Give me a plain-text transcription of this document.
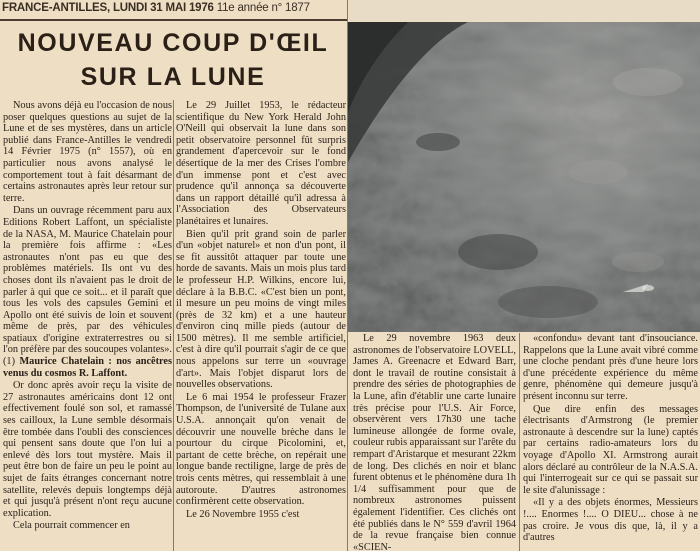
FRANCE-ANTILLES, LUNDI 31 MAI 1976 11e année n° 1877
NOUVEAU COUP D'ŒIL
SUR LA LUNE

Nous avons déjà eu l'occasion de nous poser quelques questions au sujet de la Lune et de ses mystères, dans un article publié dans France-Antilles le vendredi 14 Février 1975 (n° 1557), où en particulier nous avons analysé le comportement tout à fait désarmant de certains astronautes après leur retour sur terre.

Dans un ouvrage récemment paru aux Editions Robert Laffont, un spécialiste de la NASA, M. Maurice Chatelain pour la première fois affirme : «Les astronautes n'ont pas eu que des problèmes matériels. Ils ont vu des choses dont ils n'avaient pas le droit de parler à qui que ce soit... et il paraît que tous les vols des capsules Gemini et Apollo ont été suivis de loin et souvent même de près, par des véhicules spatiaux d'origine extraterrestres ou si l'on préfère par des soucoupes volantes». (1) Maurice Chatelain : nos ancêtres venus du cosmos R. Laffont.

Or donc après avoir reçu la visite de 27 astronautes américains dont 12 ont effectivement foulé son sol, et ramassé ses cailloux, la Lune semble désormais être tombée dans l'oubli des consciences qui pensent sans doute que l'on lui a enlevé dès lors tout mystère. Mais il peut être bon de faire un peu le point au sujet de faits étranges concernant notre satellite, relevés depuis longtemps déjà et qui jusqu'à présent n'ont reçu aucune explication.

Cela pourrait commencer en

Le 29 Juillet 1953, le rédacteur scientifique du New York Herald John O'Neill qui observait la lune dans son petit observatoire personnel fût surpris grandement d'apercevoir sur le fond désertique de la mer des Crises l'ombre d'un immense pont et c'est avec prudence qu'il annonça sa découverte dans un rapport détaillé qu'il adressa à l'Association des Observateurs planétaires et lunaires.

Bien qu'il prit grand soin de parler d'un «objet naturel» et non d'un pont, il se fit aussitôt attaquer par toute une horde de savants. Mais un mois plus tard le professeur H.P. Wilkins, encore lui, déclare à la B.B.C. «C'est bien un pont, il mesure un peu moins de vingt miles (près de 32 km) et a une hauteur d'environ cinq mille pieds (autour de 1500 mètres). Il me semble artificiel, c'est à dire qu'il pourrait s'agir de ce que nous appelons sur terre un «ouvrage d'art». Mais l'objet disparut lors de nouvelles observations.

Le 6 mai 1954 le professeur Frazer Thompson, de l'université de Tulane aux U.S.A. annonçait qu'on venait de découvrir une nouvelle brèche dans le pourtour du cirque Picolomini, et, partant de cette brèche, on repérait une longue bande rectiligne, large de près de trois cents mètres, qui ressemblait à une autoroute. D'autres astronomes confirmèrent cette observation.

Le 26 Novembre 1955 c'est

Le 29 novembre 1963 deux astronomes de l'observatoire LOVELL, James A. Greenacre et Edward Barr, dont le travail de routine consistait à prendre des séries de photographies de la Lune, afin d'établir une carte lunaire très précise pour l'U.S. Air Force, observèrent vers 17h30 une tache lumineuse allongée de forme ovale, couleur rubis apparaissant sur l'arête du rempart d'Aristarque et mesurant 22km de long. Des clichés en noir et blanc furent obtenus et le phénomène dura 1h 1/4 suffisamment pour que de nombreux astronomes puissent également l'identifier. Ces clichés ont été publiés dans le N° 559 d'avril 1964 de la revue française bien connue «SCIEN-

«confondu» devant tant d'insouciance. Rappelons que la Lune avait vibré comme une cloche pendant près d'une heure lors d'une précédente expérience du même genre, phénomène qui demeure jusqu'à présent inconnu sur terre.

Que dire enfin des messages électrisants d'Armstrong (le premier astronaute à descendre sur la lune) captés par certains radio-amateurs lors du voyage d'Apollo XI. Armstrong aurait alors déclaré au contrôleur de la N.A.S.A. qui l'interrogeait sur ce qui se passait sur le site d'alunissage :

«Il y a des objets énormes, Messieurs !.... Enormes !.... O DIEU... chose à ne pas croire. Je vous dis que, là, il y a d'autres
